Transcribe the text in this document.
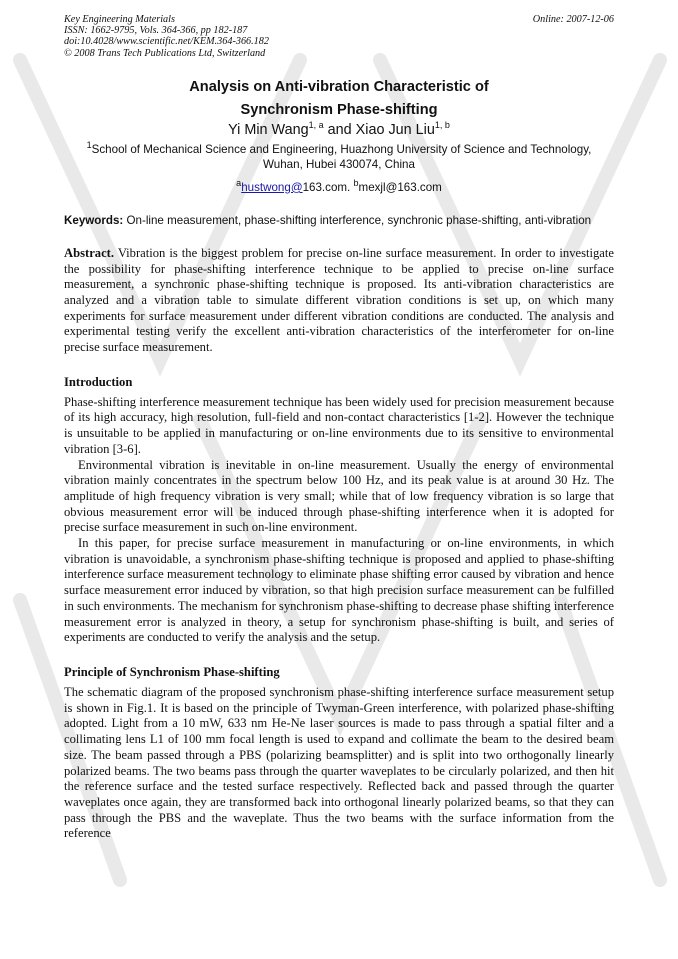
Key Engineering Materials
ISSN: 1662-9795, Vols. 364-366, pp 182-187
doi:10.4028/www.scientific.net/KEM.364-366.182
© 2008 Trans Tech Publications Ltd, Switzerland
Online: 2007-12-06
Analysis on Anti-vibration Characteristic of
Synchronism Phase-shifting
Yi Min Wang$^{1, a}$ and Xiao Jun Liu$^{1, b}$
$^1$School of Mechanical Science and Engineering, Huazhong University of Science and Technology,
Wuhan, Hubei 430074, China
$^a$hustwong@163.com. $^b$mexjl@163.com
Keywords: On-line measurement, phase-shifting interference, synchronic phase-shifting, anti-vibration
Abstract. Vibration is the biggest problem for precise on-line surface measurement. In order to investigate the possibility for phase-shifting interference technique to be applied to precise on-line surface measurement, a synchronic phase-shifting technique is proposed. Its anti-vibration characteristics are analyzed and a vibration table to simulate different vibration conditions is set up, on which many experiments for surface measurement under different vibration conditions are conducted. The analysis and experimental testing verify the excellent anti-vibration characteristics of the interferometer for on-line precise surface measurement.
Introduction

Phase-shifting interference measurement technique has been widely used for precision measurement because of its high accuracy, high resolution, full-field and non-contact characteristics [1-2]. However the technique is unsuitable to be applied in manufacturing or on-line environments due to its sensitive to environmental vibration [3-6].

Environmental vibration is inevitable in on-line measurement. Usually the energy of environmental vibration mainly concentrates in the spectrum below 100 Hz, and its peak value is at around 30 Hz. The amplitude of high frequency vibration is very small; while that of low frequency vibration is so large that obvious measurement error will be induced through phase-shifting interference when it is adopted for precise surface measurement in such on-line environment.

In this paper, for precise surface measurement in manufacturing or on-line environments, in which vibration is unavoidable, a synchronism phase-shifting technique is proposed and applied to phase-shifting interference surface measurement technology to eliminate phase shifting error caused by vibration and hence surface measurement error induced by vibration, so that high precision surface measurement can be fulfilled in such environments. The mechanism for synchronism phase-shifting to decrease phase shifting interference measurement error is analyzed in theory, a setup for synchronism phase-shifting is built, and series of experiments are conducted to verify the analysis and the setup.

Principle of Synchronism Phase-shifting

The schematic diagram of the proposed synchronism phase-shifting interference surface measurement setup is shown in Fig.1. It is based on the principle of Twyman-Green interference, with polarized phase-shifting adopted. Light from a 10 mW, 633 nm He-Ne laser sources is made to pass through a spatial filter and a collimating lens L1 of 100 mm focal length is used to expand and collimate the beam to the desired beam size. The beam passed through a PBS (polarizing beamsplitter) and is split into two orthogonally linearly polarized beams. The two beams pass through the quarter waveplates to be circularly polarized, and then hit the reference surface and the tested surface respectively. Reflected back and passed through the quarter waveplates once again, they are transformed back into orthogonal linearly polarized beams, so that they can pass through the PBS and the waveplate. Thus the two beams with the surface information from the reference
